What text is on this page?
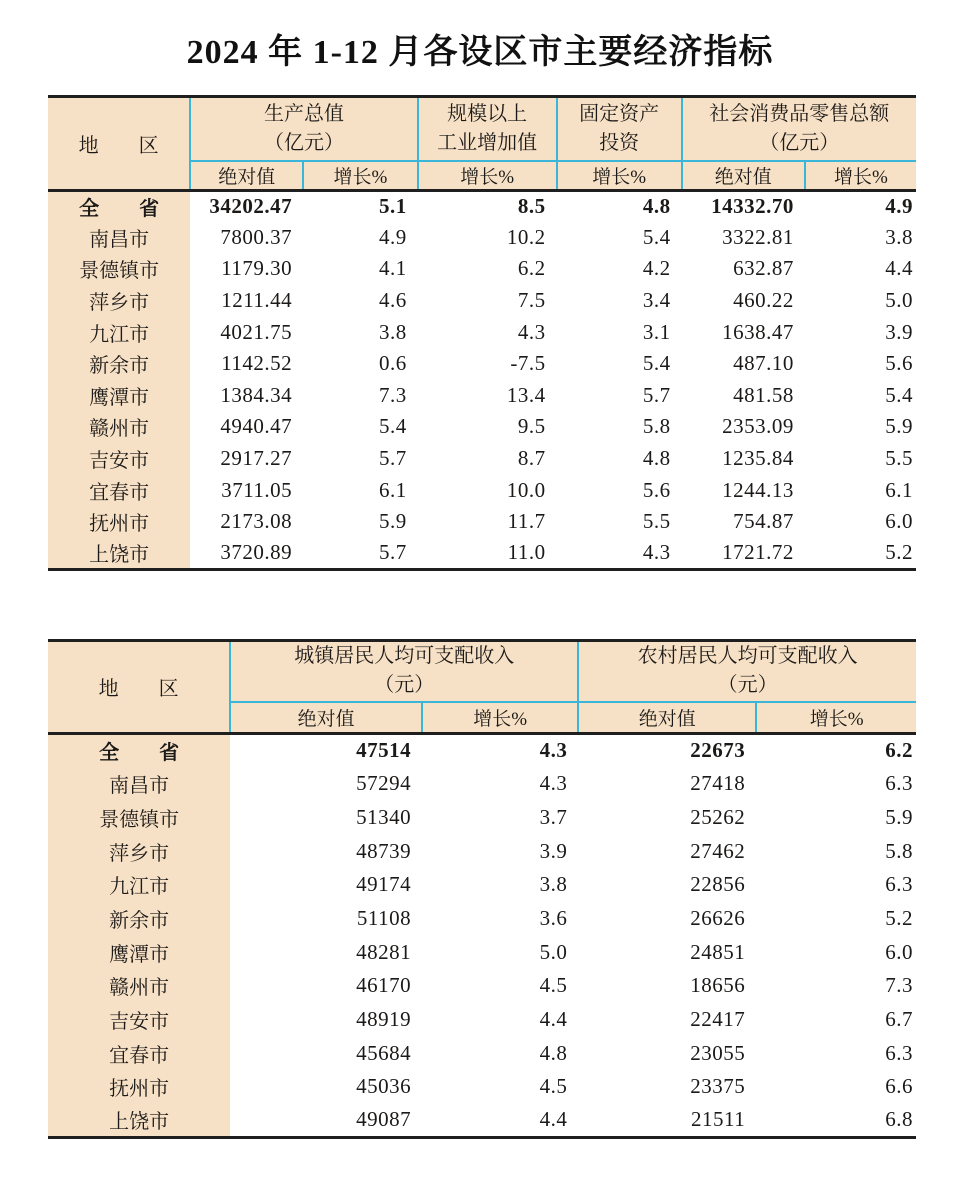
2024 年 1-12 月各设区市主要经济指标
地　　区	
生产总值
（亿元）

规模以上
工业增加值

固定资产
投资

社会消费品零售总额
（亿元）

	绝对值	增长%	增长%	增长%	绝对值	增长%
全　　省	34202.47	5.1	8.5	4.8	14332.70	4.9
南昌市	7800.37	4.9	10.2	5.4	3322.81	3.8
景德镇市	1179.30	4.1	6.2	4.2	632.87	4.4
萍乡市	1211.44	4.6	7.5	3.4	460.22	5.0
九江市	4021.75	3.8	4.3	3.1	1638.47	3.9
新余市	1142.52	0.6	-7.5	5.4	487.10	5.6
鹰潭市	1384.34	7.3	13.4	5.7	481.58	5.4
赣州市	4940.47	5.4	9.5	5.8	2353.09	5.9
吉安市	2917.27	5.7	8.7	4.8	1235.84	5.5
宜春市	3711.05	6.1	10.0	5.6	1244.13	6.1
抚州市	2173.08	5.9	11.7	5.5	754.87	6.0
上饶市	3720.89	5.7	11.0	4.3	1721.72	5.2
地　　区	
城镇居民人均可支配收入
（元）

农村居民人均可支配收入
（元）

	绝对值	增长%	绝对值	增长%
全　　省	47514	4.3	22673	6.2
南昌市	57294	4.3	27418	6.3
景德镇市	51340	3.7	25262	5.9
萍乡市	48739	3.9	27462	5.8
九江市	49174	3.8	22856	6.3
新余市	51108	3.6	26626	5.2
鹰潭市	48281	5.0	24851	6.0
赣州市	46170	4.5	18656	7.3
吉安市	48919	4.4	22417	6.7
宜春市	45684	4.8	23055	6.3
抚州市	45036	4.5	23375	6.6
上饶市	49087	4.4	21511	6.8
